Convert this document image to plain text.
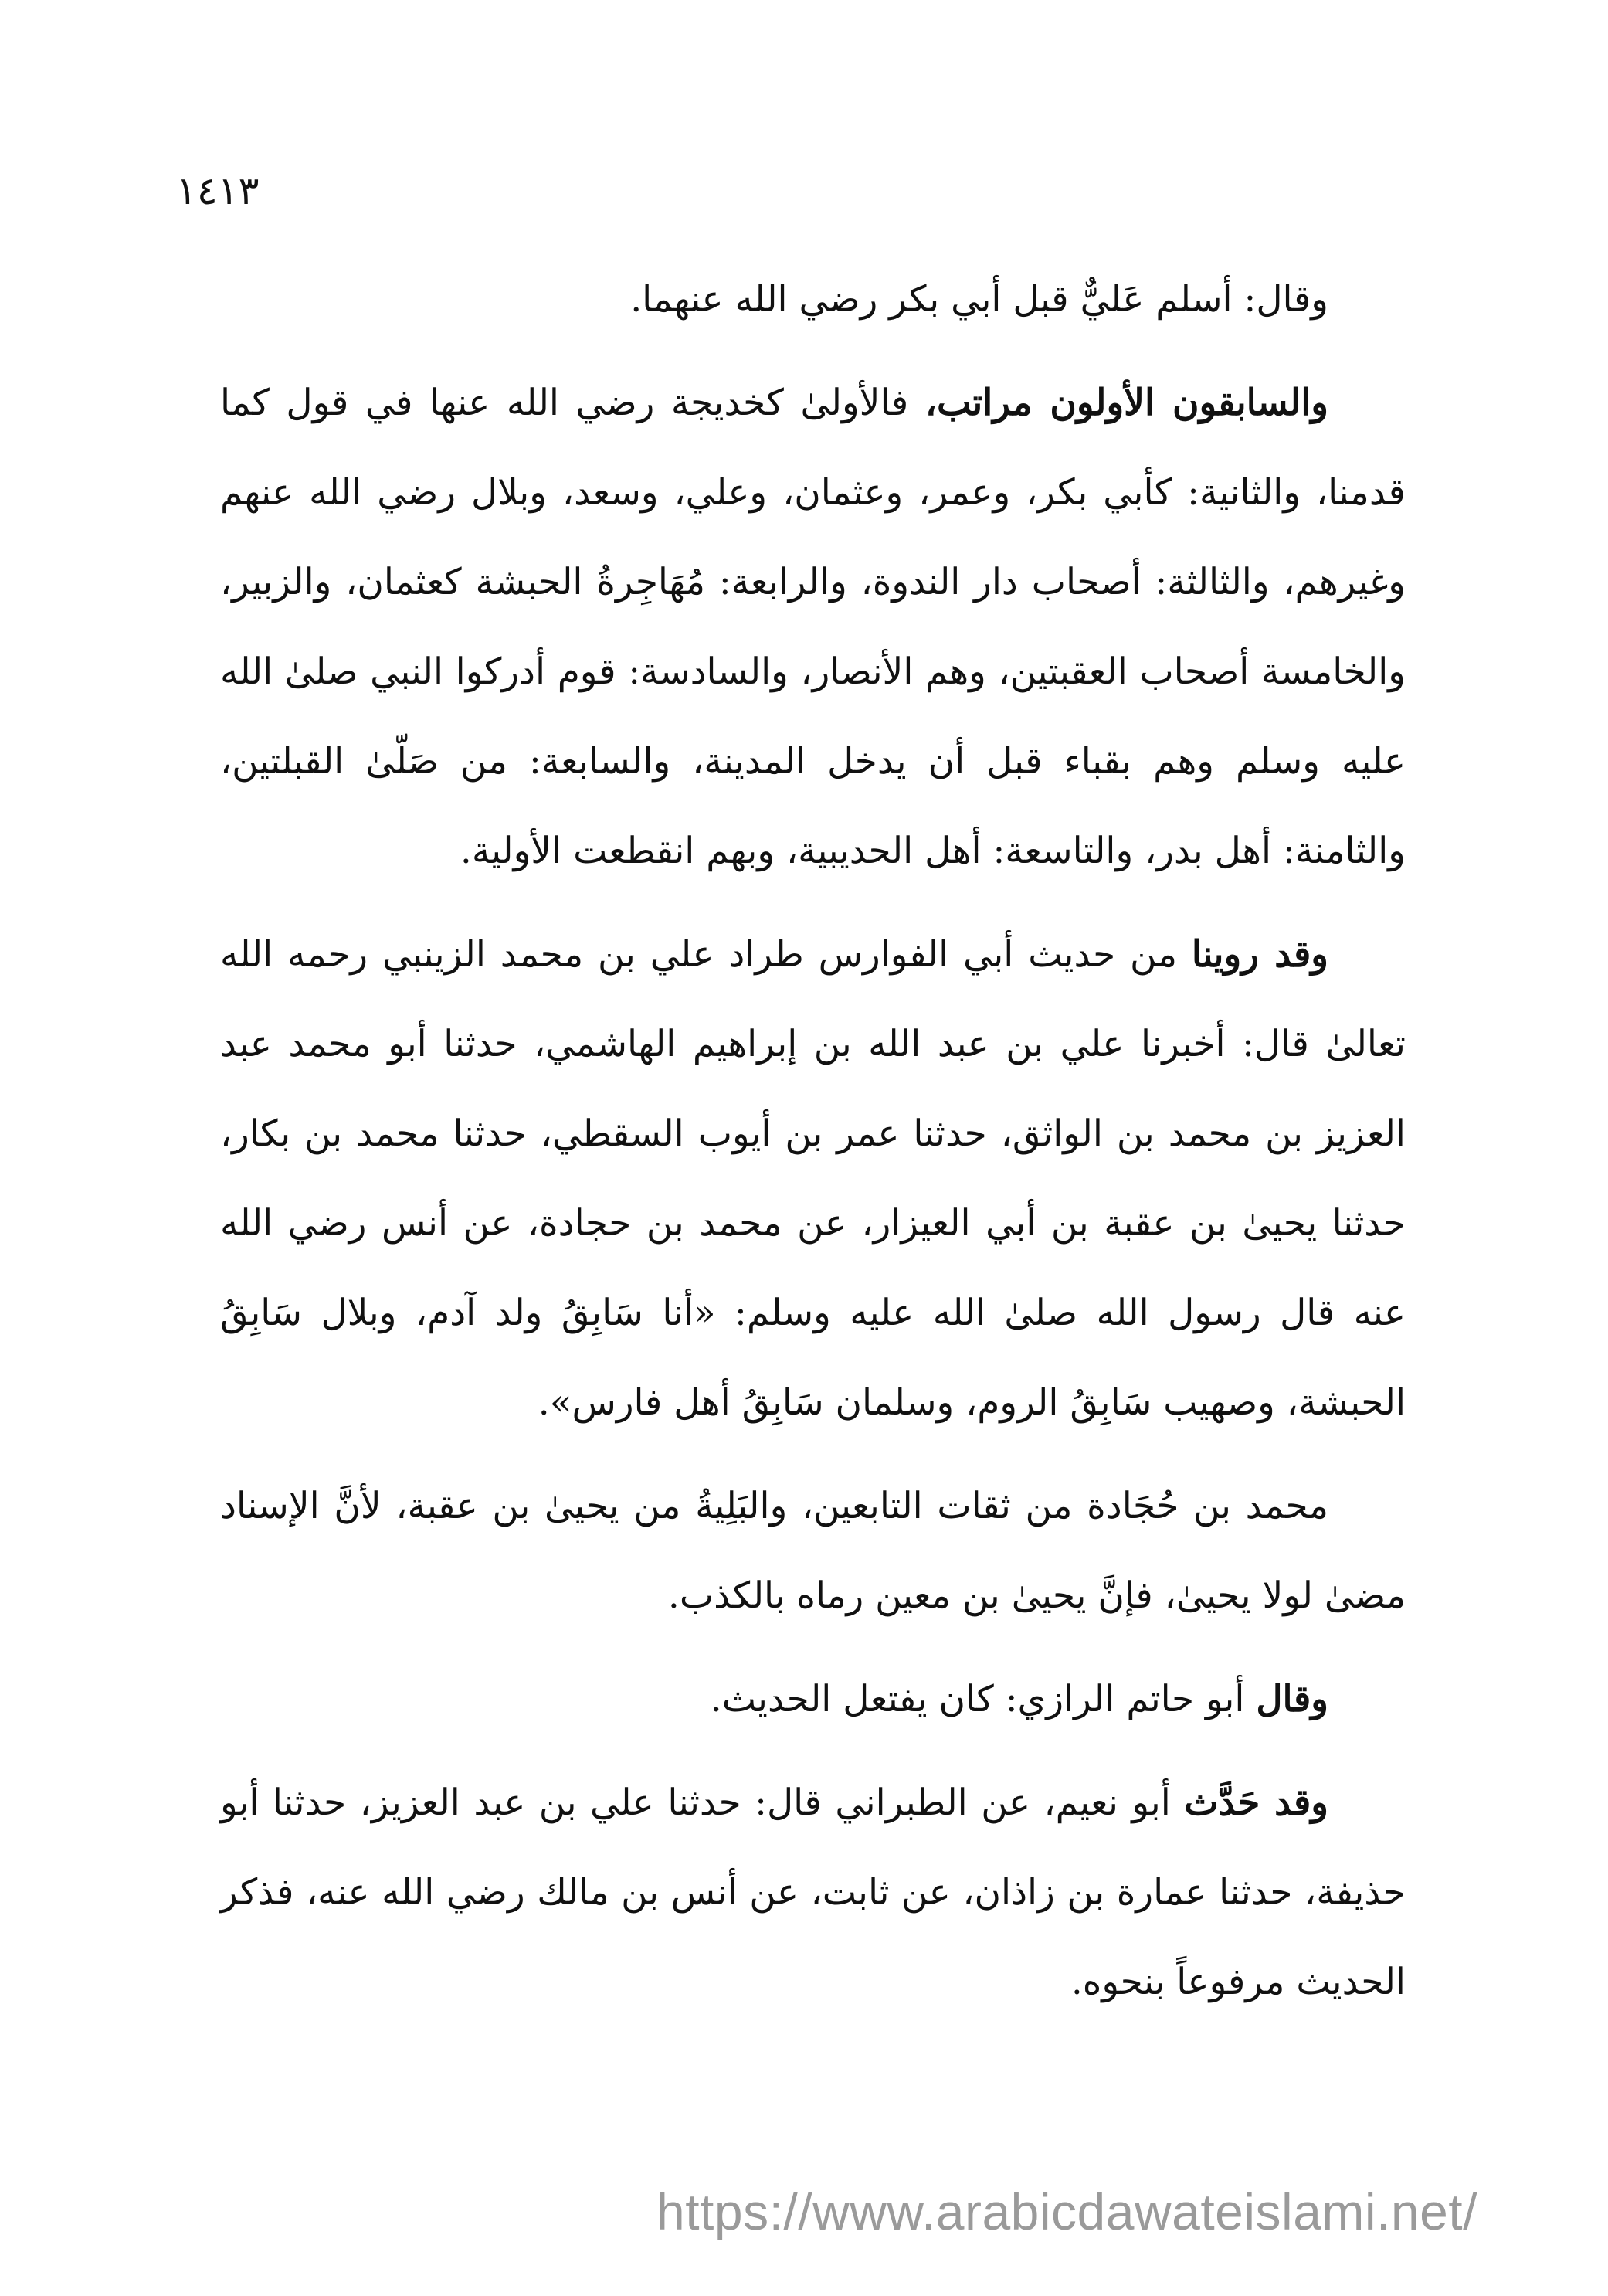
١٤١٣

وقال: أسلم عَليٌّ قبل أبي بكر رضي الله عنهما.

والسابقون الأولون مراتب، فالأولىٰ كخديجة رضي الله عنها في قول كما قدمنا، والثانية: كأبي بكر، وعمر، وعثمان، وعلي، وسعد، وبلال رضي الله عنهم وغيرهم، والثالثة: أصحاب دار الندوة، والرابعة: مُهَاجِرةُ الحبشة كعثمان، والزبير، والخامسة أصحاب العقبتين، وهم الأنصار، والسادسة: قوم أدركوا النبي صلىٰ الله عليه وسلم وهم بقباء قبل أن يدخل المدينة، والسابعة: من صَلّىٰ القبلتين، والثامنة: أهل بدر، والتاسعة: أهل الحديبية، وبهم انقطعت الأولية.

وقد روينا من حديث أبي الفوارس طراد علي بن محمد الزينبي رحمه الله تعالىٰ قال: أخبرنا علي بن عبد الله بن إبراهيم الهاشمي، حدثنا أبو محمد عبد العزيز بن محمد بن الواثق، حدثنا عمر بن أيوب السقطي، حدثنا محمد بن بكار، حدثنا يحيىٰ بن عقبة بن أبي العيزار، عن محمد بن حجادة، عن أنس رضي الله عنه قال رسول الله صلىٰ الله عليه وسلم: «أنا سَابِقُ ولد آدم، وبلال سَابِقُ الحبشة، وصهيب سَابِقُ الروم، وسلمان سَابِقُ أهل فارس».

محمد بن حُجَادة من ثقات التابعين، والبَلِيةُ من يحيىٰ بن عقبة، لأنَّ الإسناد مضىٰ لولا يحيىٰ، فإنَّ يحيىٰ بن معين رماه بالكذب.

وقال أبو حاتم الرازي: كان يفتعل الحديث.

وقد حَدَّث أبو نعيم، عن الطبراني قال: حدثنا علي بن عبد العزيز، حدثنا أبو حذيفة، حدثنا عمارة بن زاذان، عن ثابت، عن أنس بن مالك رضي الله عنه، فذكر الحديث مرفوعاً بنحوه.

https://www.arabicdawateislami.net/
